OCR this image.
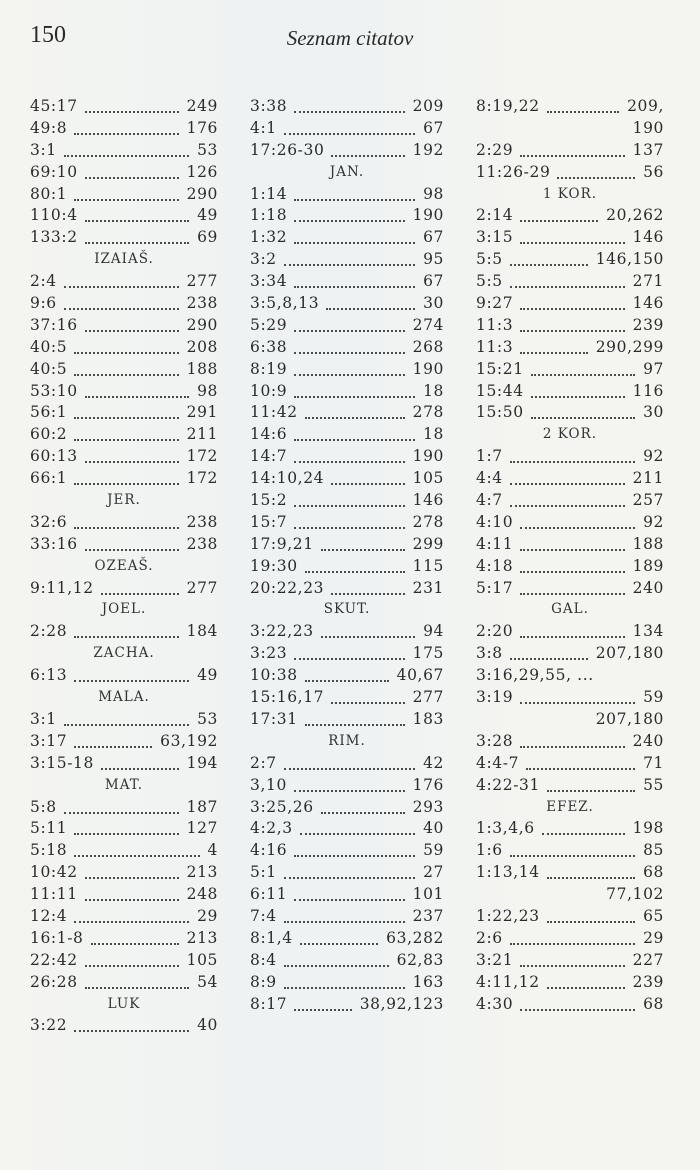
150	Seznam citatov
45:17	249
49:8	176
3:1	53
69:10	126
80:1	290
110:4	49
133:2	69
IZAIAŠ.
2:4	277
9:6	238
37:16	290
40:5	208
40:5	188
53:10	98
56:1	291
60:2	211
60:13	172
66:1	172
JER.
32:6	238
33:16	238
OZEAŠ.
9:11,12	277
JOEL.
2:28	184
ZACHA.
6:13	49
MALA.
3:1	53
3:17	63,192
3:15-18	194
MAT.
5:8	187
5:11	127
5:18	4
10:42	213
11:11	248
12:4	29
16:1-8	213
22:42	105
26:28	54
LUK
3:22	40
3:38	209
4:1	67
17:26-30	192
JAN.
1:14	98
1:18	190
1:32	67
3:2	95
3:34	67
3:5,8,13	30
5:29	274
6:38	268
8:19	190
10:9	18
11:42	278
14:6	18
14:7	190
14:10,24	105
15:2	146
15:7	278
17:9,21	299
19:30	115
20:22,23	231
SKUT.
3:22,23	94
3:23	175
10:38	40,67
15:16,17	277
17:31	183
RIM.
2:7	42
3,10	176
3:25,26	293
4:2,3	40
4:16	59
5:1	27
6:11	101
7:4	237
8:1,4	63,282
8:4	62,83
8:9	163
8:17	38,92,123
8:19,22	209,
190
2:29	137
11:26-29	56
1 KOR.
2:14	20,262
3:15	146
5:5	146,150
5:5	271
9:27	146
11:3	239
11:3	290,299
15:21	97
15:44	116
15:50	30
2 KOR.
1:7	92
4:4	211
4:7	257
4:10	92
4:11	188
4:18	189
5:17	240
GAL.
2:20	134
3:8	207,180
3:16,29,55, ...
3:19	59
207,180
3:28	240
4:4-7	71
4:22-31	55
EFEZ.
1:3,4,6	198
1:6	85
1:13,14	68
77,102
1:22,23	65
2:6	29
3:21	227
4:11,12	239
4:30	68
